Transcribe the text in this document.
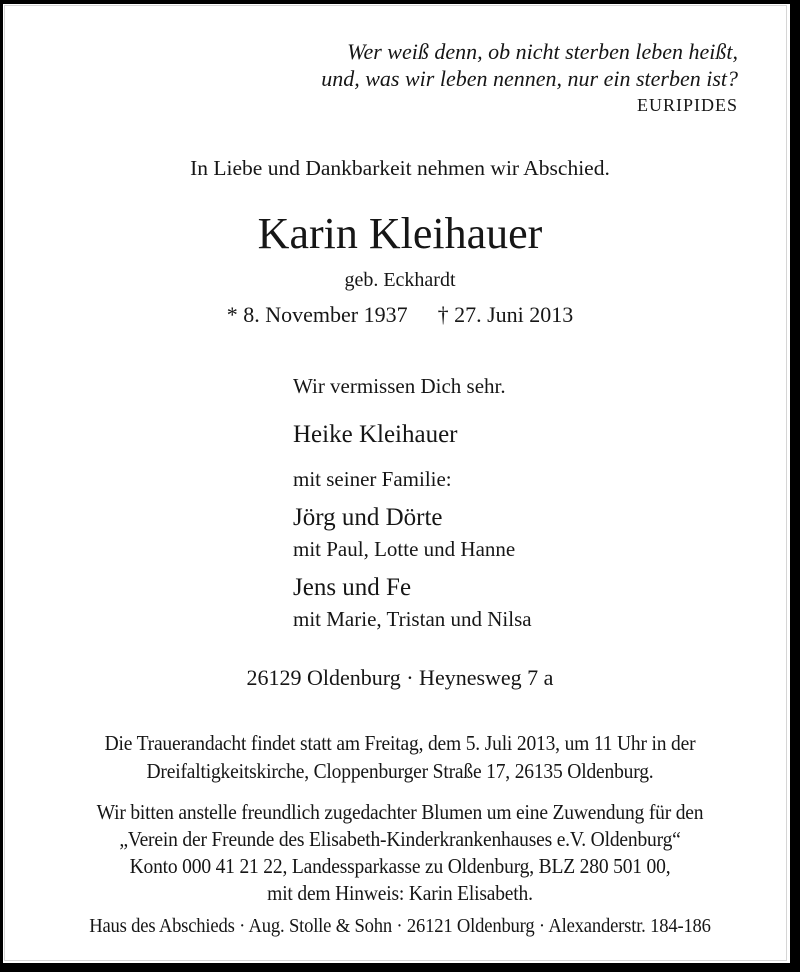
Wer weiß denn, ob nicht sterben leben heißt,
und, was wir leben nennen, nur ein sterben ist?
EURIPIDES
In Liebe und Dankbarkeit nehmen wir Abschied.
Karin Kleihauer
geb. Eckhardt
* 8. November 1937 † 27. Juni 2013
Wir vermissen Dich sehr.
Heike Kleihauer
mit seiner Familie:
Jörg und Dörte
mit Paul, Lotte und Hanne
Jens und Fe
mit Marie, Tristan und Nilsa
26129 Oldenburg · Heynesweg 7 a
Die Trauerandacht findet statt am Freitag, dem 5. Juli 2013, um 11 Uhr in der
Dreifaltigkeitskirche, Cloppenburger Straße 17, 26135 Oldenburg.
Wir bitten anstelle freundlich zugedachter Blumen um eine Zuwendung für den
„Verein der Freunde des Elisabeth-Kinderkrankenhauses e.V. Oldenburg“
Konto 000 41 21 22, Landessparkasse zu Oldenburg, BLZ 280 501 00,
mit dem Hinweis: Karin Elisabeth.
Haus des Abschieds · Aug. Stolle & Sohn · 26121 Oldenburg · Alexanderstr. 184-186
